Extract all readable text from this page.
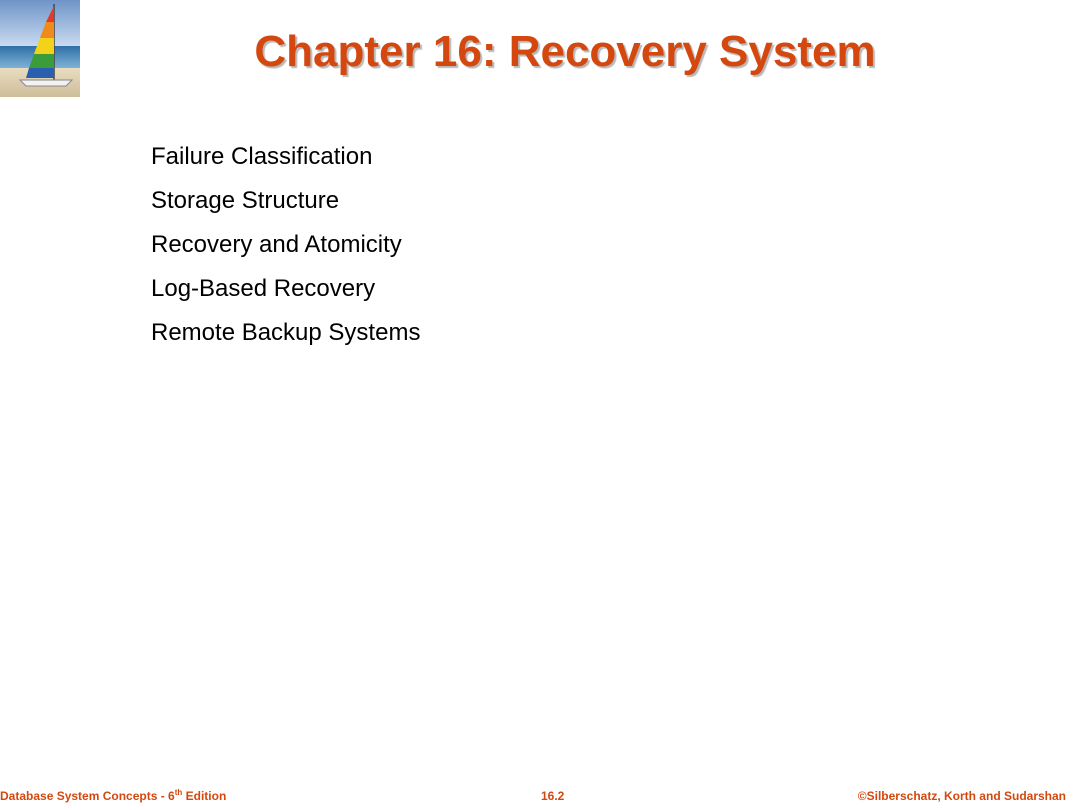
Chapter 16: Recovery System
Failure Classification
Storage Structure
Recovery and Atomicity
Log-Based Recovery
Remote Backup Systems
Database System Concepts - 6th Edition	16.2	©Silberschatz, Korth and Sudarshan
